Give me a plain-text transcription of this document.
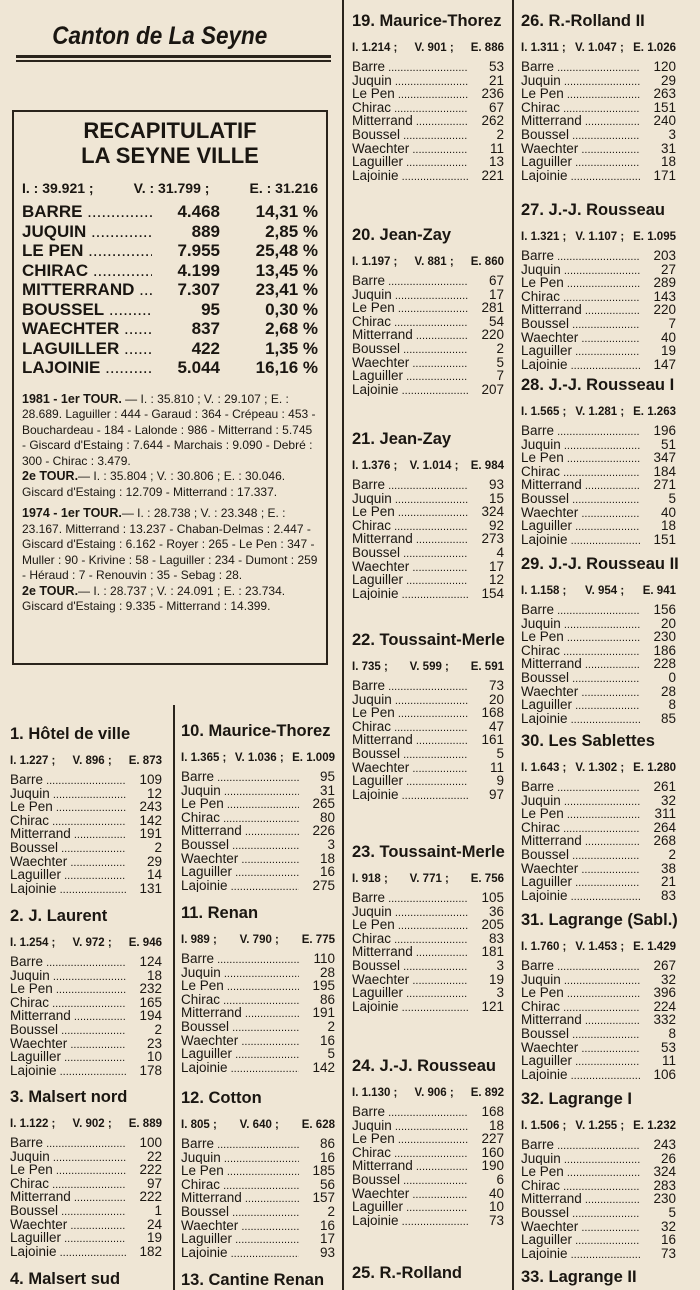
Canton de La Seyne
RECAPITULATIF
LA SEYNE VILLE
I. : 39.921 ;	V. : 31.799 ;	E. : 31.216
BARRE .....	4.468	14,31 %
JUQUIN .....	889	2,85 %
LE PEN .....	7.955	25,48 %
CHIRAC .....	4.199	13,45 %
MITTERRAND .....	7.307	23,41 %
BOUSSEL .....	95	0,30 %
WAECHTER .....	837	2,68 %
LAGUILLER .....	422	1,35 %
LAJOINIE .....	5.044	16,16 %

1981 - 1er TOUR. — I. : 35.810 ; V. : 29.107 ; E. : 28.689. Laguiller : 444 - Garaud : 364 - Crépeau : 453 - Bouchardeau - 184 - Lalonde : 986 - Mitterrand : 5.745 - Giscard d'Estaing : 7.644 - Marchais : 9.090 - Debré : 300 - Chirac : 3.479.

2e TOUR.— I. : 35.804 ; V. : 30.806 ; E. : 30.046. Giscard d'Estaing : 12.709 - Mitterrand : 17.337.

1974 - 1er TOUR.— I. : 28.738 ; V. : 23.348 ; E. : 23.167. Mitterrand : 13.237 - Chaban-Delmas : 2.447 - Giscard d'Estaing : 6.162 - Royer : 265 - Le Pen : 347 - Muller : 90 - Krivine : 58 - Laguiller : 234 - Dumont : 259 - Héraud : 7 - Renouvin : 35 - Sebag : 28.

2e TOUR.— I. : 28.737 ; V. : 24.091 ; E. : 23.734. Giscard d'Estaing : 9.335 - Mitterrand : 14.399.

1. Hôtel de ville
I. 1.227 ; V. 896 ; E. 873
Barre .....	109
Juquin .....	12
Le Pen .....	243
Chirac .....	142
Mitterrand .....	191
Boussel .....	2
Waechter .....	29
Laguiller .....	14
Lajoinie .....	131
2. J. Laurent
I. 1.254 ; V. 972 ; E. 946
Barre .....	124
Juquin .....	18
Le Pen .....	232
Chirac .....	165
Mitterrand .....	194
Boussel .....	2
Waechter .....	23
Laguiller .....	10
Lajoinie .....	178
3. Malsert nord
I. 1.122 ; V. 902 ; E. 889
Barre .....	100
Juquin .....	22
Le Pen .....	222
Chirac .....	97
Mitterrand .....	222
Boussel .....	1
Waechter .....	24
Laguiller .....	19
Lajoinie .....	182
4. Malsert sud
10. Maurice-Thorez
I. 1.365 ; V. 1.036 ; E. 1.009
Barre .....	95
Juquin .....	31
Le Pen .....	265
Chirac .....	80
Mitterrand .....	226
Boussel .....	3
Waechter .....	18
Laguiller .....	16
Lajoinie .....	275
11. Renan
I. 989 ; V. 790 ; E. 775
Barre .....	110
Juquin .....	28
Le Pen .....	195
Chirac .....	86
Mitterrand .....	191
Boussel .....	2
Waechter .....	16
Laguiller .....	5
Lajoinie .....	142
12. Cotton
I. 805 ; V. 640 ; E. 628
Barre .....	86
Juquin .....	16
Le Pen .....	185
Chirac .....	56
Mitterrand .....	157
Boussel .....	2
Waechter .....	16
Laguiller .....	17
Lajoinie .....	93
13. Cantine Renan
19. Maurice-Thorez
I. 1.214 ; V. 901 ; E. 886
Barre .....	53
Juquin .....	21
Le Pen .....	236
Chirac .....	67
Mitterrand .....	262
Boussel .....	2
Waechter .....	11
Laguiller .....	13
Lajoinie .....	221
20. Jean-Zay
I. 1.197 ; V. 881 ; E. 860
Barre .....	67
Juquin .....	17
Le Pen .....	281
Chirac .....	54
Mitterrand .....	220
Boussel .....	2
Waechter .....	5
Laguiller .....	7
Lajoinie .....	207
21. Jean-Zay
I. 1.376 ; V. 1.014 ; E. 984
Barre .....	93
Juquin .....	15
Le Pen .....	324
Chirac .....	92
Mitterrand .....	273
Boussel .....	4
Waechter .....	17
Laguiller .....	12
Lajoinie .....	154
22. Toussaint-Merle
I. 735 ; V. 599 ; E. 591
Barre .....	73
Juquin .....	20
Le Pen .....	168
Chirac .....	47
Mitterrand .....	161
Boussel .....	5
Waechter .....	11
Laguiller .....	9
Lajoinie .....	97
23. Toussaint-Merle
I. 918 ; V. 771 ; E. 756
Barre .....	105
Juquin .....	36
Le Pen .....	205
Chirac .....	83
Mitterrand .....	181
Boussel .....	3
Waechter .....	19
Laguiller .....	3
Lajoinie .....	121
24. J.-J. Rousseau
I. 1.130 ; V. 906 ; E. 892
Barre .....	168
Juquin .....	18
Le Pen .....	227
Chirac .....	160
Mitterrand .....	190
Boussel .....	6
Waechter .....	40
Laguiller .....	10
Lajoinie .....	73
25. R.-Rolland
26. R.-Rolland II
I. 1.311 ; V. 1.047 ; E. 1.026
Barre .....	120
Juquin .....	29
Le Pen .....	263
Chirac .....	151
Mitterrand .....	240
Boussel .....	3
Waechter .....	31
Laguiller .....	18
Lajoinie .....	171
27. J.-J. Rousseau
I. 1.321 ; V. 1.107 ; E. 1.095
Barre .....	203
Juquin .....	27
Le Pen .....	289
Chirac .....	143
Mitterrand .....	220
Boussel .....	7
Waechter .....	40
Laguiller .....	19
Lajoinie .....	147
28. J.-J. Rousseau I
I. 1.565 ; V. 1.281 ; E. 1.263
Barre .....	196
Juquin .....	51
Le Pen .....	347
Chirac .....	184
Mitterrand .....	271
Boussel .....	5
Waechter .....	40
Laguiller .....	18
Lajoinie .....	151
29. J.-J. Rousseau II
I. 1.158 ; V. 954 ; E. 941
Barre .....	156
Juquin .....	20
Le Pen .....	230
Chirac .....	186
Mitterrand .....	228
Boussel .....	0
Waechter .....	28
Laguiller .....	8
Lajoinie .....	85
30. Les Sablettes
I. 1.643 ; V. 1.302 ; E. 1.280
Barre .....	261
Juquin .....	32
Le Pen .....	311
Chirac .....	264
Mitterrand .....	268
Boussel .....	2
Waechter .....	38
Laguiller .....	21
Lajoinie .....	83
31. Lagrange (Sabl.)
I. 1.760 ; V. 1.453 ; E. 1.429
Barre .....	267
Juquin .....	32
Le Pen .....	396
Chirac .....	224
Mitterrand .....	332
Boussel .....	8
Waechter .....	53
Laguiller .....	11
Lajoinie .....	106
32. Lagrange I
I. 1.506 ; V. 1.255 ; E. 1.232
Barre .....	243
Juquin .....	26
Le Pen .....	324
Chirac .....	283
Mitterrand .....	230
Boussel .....	5
Waechter .....	32
Laguiller .....	16
Lajoinie .....	73
33. Lagrange II
